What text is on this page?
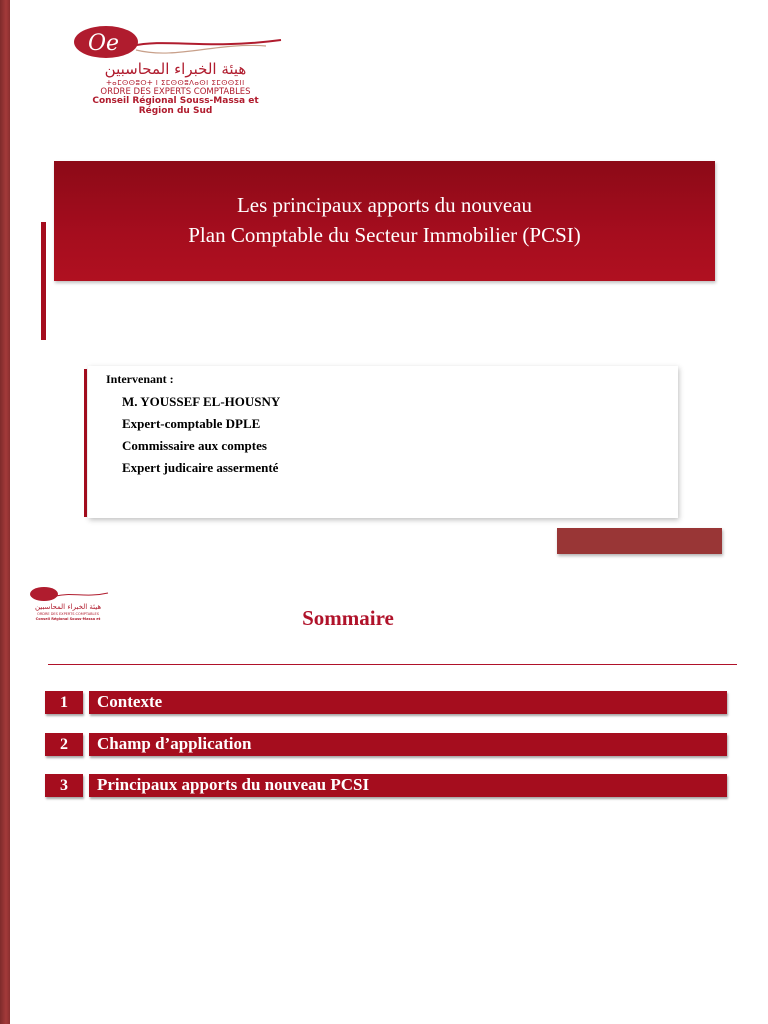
Oe
هيئة الخبراء المحاسبين
ⵜⴰⵎⵙⵙⵓⵔⵜ ⵏ ⵉⵎⵙⵙⵓⴷⴰⵙⵏ ⵉⵎⵙⵙⵉⵏⵏ
ORDRE DES EXPERTS COMPTABLES
Conseil Régional Souss-Massa et
Région du Sud
Les principaux apports du nouveau
Plan Comptable du Secteur Immobilier (PCSI)
Intervenant :
M. YOUSSEF EL-HOUSNY
Expert-comptable DPLE
Commissaire aux comptes
Expert judicaire assermenté
هيئة الخبراء المحاسبين
ORDRE DES EXPERTS COMPTABLES
Conseil Régional Souss-Massa et	Sommaire
1	Contexte
2	Champ d’application
3	Principaux apports du nouveau PCSI
